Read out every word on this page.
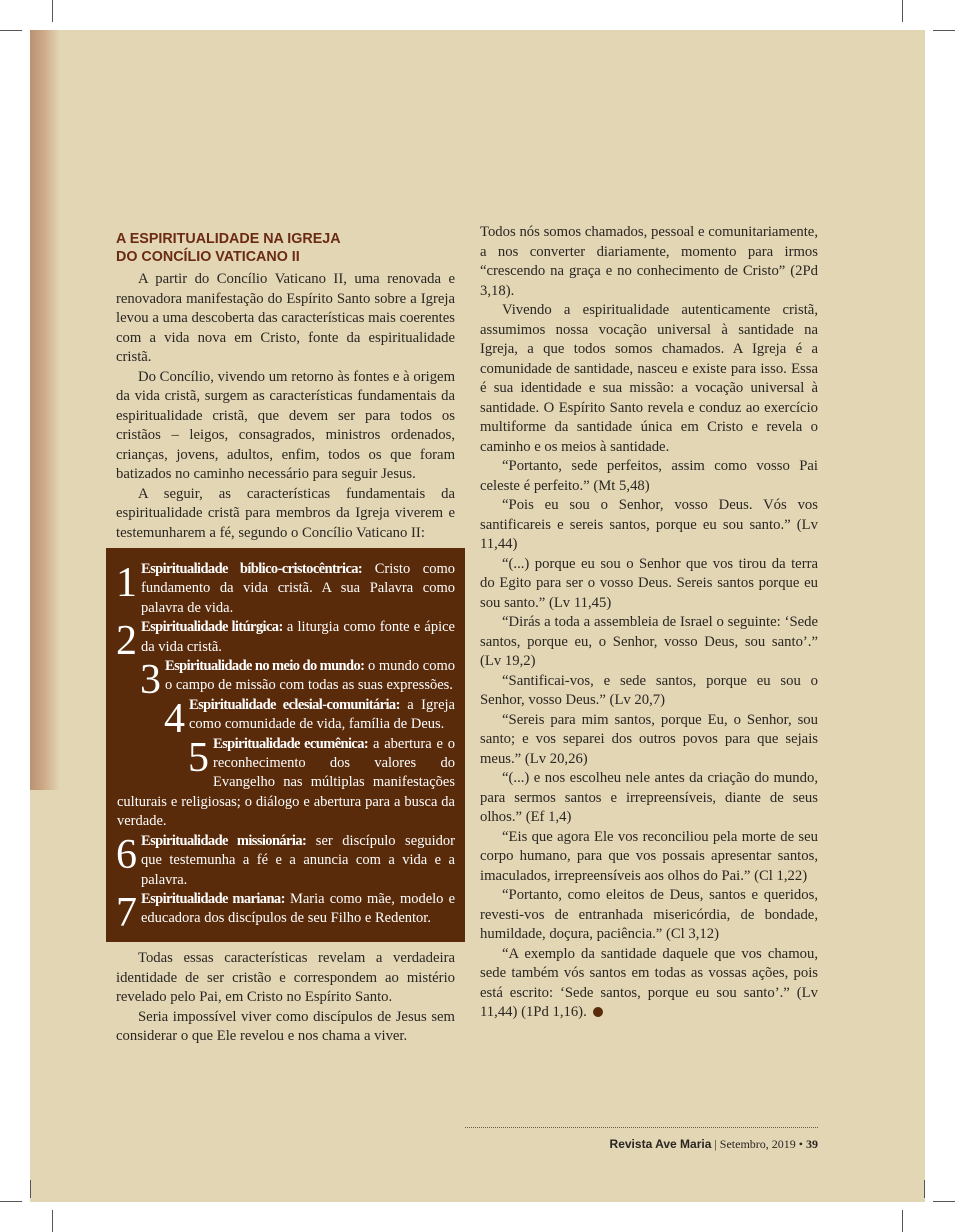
A ESPIRITUALIDADE NA IGREJA
DO CONCÍLIO VATICANO II

A partir do Concílio Vaticano II, uma renovada e renovadora manifestação do Espírito Santo sobre a Igreja levou a uma descoberta das características mais coerentes com a vida nova em Cristo, fonte da espiritualidade cristã.

Do Concílio, vivendo um retorno às fontes e à origem da vida cristã, surgem as características fundamentais da espiritualidade cristã, que devem ser para todos os cristãos – leigos, consagrados, ministros ordenados, crianças, jovens, adultos, enfim, todos os que foram batizados no caminho necessário para seguir Jesus.

A seguir, as características fundamentais da espiritualidade cristã para membros da Igreja viverem e testemunharem a fé, segundo o Concílio Vaticano II:

1 Espiritualidade bíblico-cristocêntrica: Cristo como fundamento da vida cristã. A sua Palavra como palavra de vida.
2 Espiritualidade litúrgica: a liturgia como fonte e ápice da vida cristã.
3 Espiritualidade no meio do mundo: o mundo como o campo de missão com todas as suas expressões.
4 Espiritualidade eclesial-comunitária: a Igreja como comunidade de vida, família de Deus.
5 Espiritualidade ecumênica: a abertura e o reconhecimento dos valores do Evangelho nas múltiplas manifestações culturais e religiosas; o diálogo e abertura para a busca da verdade.
6 Espiritualidade missionária: ser discípulo seguidor que testemunha a fé e a anuncia com a vida e a palavra.
7 Espiritualidade mariana: Maria como mãe, modelo e educadora dos discípulos de seu Filho e Redentor.

Todas essas características revelam a verdadeira identidade de ser cristão e correspondem ao mistério revelado pelo Pai, em Cristo no Espírito Santo.

Seria impossível viver como discípulos de Jesus sem considerar o que Ele revelou e nos chama a viver.

Todos nós somos chamados, pessoal e comunitariamente, a nos converter diariamente, momento para irmos “crescendo na graça e no conhecimento de Cristo” (2Pd 3,18).

Vivendo a espiritualidade autenticamente cristã, assumimos nossa vocação universal à santidade na Igreja, a que todos somos chamados. A Igreja é a comunidade de santidade, nasceu e existe para isso. Essa é sua identidade e sua missão: a vocação universal à santidade. O Espírito Santo revela e conduz ao exercício multiforme da santidade única em Cristo e revela o caminho e os meios à santidade.

“Portanto, sede perfeitos, assim como vosso Pai celeste é perfeito.” (Mt 5,48)

“Pois eu sou o Senhor, vosso Deus. Vós vos santificareis e sereis santos, porque eu sou santo.” (Lv 11,44)

“(...) porque eu sou o Senhor que vos tirou da terra do Egito para ser o vosso Deus. Sereis santos porque eu sou santo.” (Lv 11,45)

“Dirás a toda a assembleia de Israel o seguinte: ‘Sede santos, porque eu, o Senhor, vosso Deus, sou santo’.” (Lv 19,2)

“Santificai-vos, e sede santos, porque eu sou o Senhor, vosso Deus.” (Lv 20,7)

“Sereis para mim santos, porque Eu, o Senhor, sou santo; e vos separei dos outros povos para que sejais meus.” (Lv 20,26)

“(...) e nos escolheu nele antes da criação do mundo, para sermos santos e irrepreensíveis, diante de seus olhos.” (Ef 1,4)

“Eis que agora Ele vos reconciliou pela morte de seu corpo humano, para que vos possais apresentar santos, imaculados, irrepreensíveis aos olhos do Pai.” (Cl 1,22)

“Portanto, como eleitos de Deus, santos e queridos, revesti-vos de entranhada misericórdia, de bondade, humildade, doçura, paciência.” (Cl 3,12)

“A exemplo da santidade daquele que vos chamou, sede também vós santos em todas as vossas ações, pois está escrito: ‘Sede santos, porque eu sou santo’.” (Lv 11,44) (1Pd 1,16).

Revista Ave Maria | Setembro, 2019 • 39
